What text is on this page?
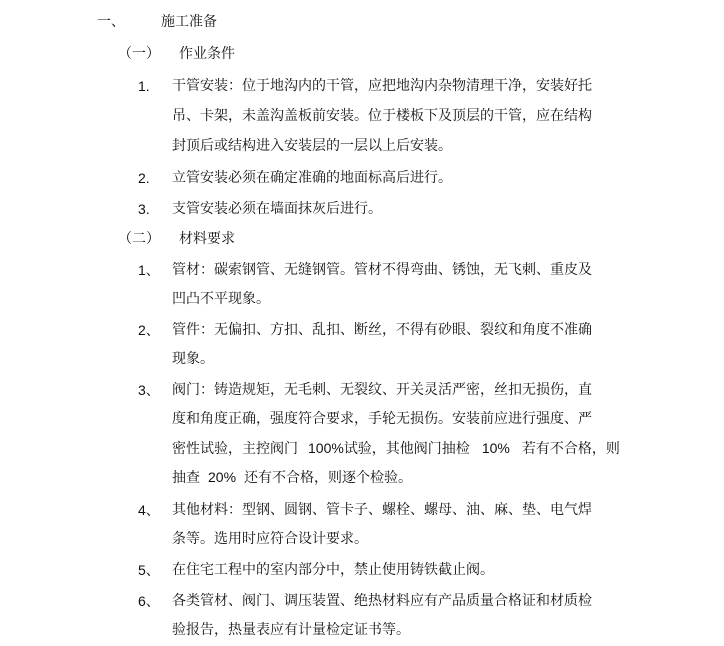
一、	施工准备
（一） 作业条件
1. 干管安装：位于地沟内的干管，应把地沟内杂物清理干净，安装好托
吊、卡架，未盖沟盖板前安装。位于楼板下及顶层的干管，应在结构
封顶后或结构进入安装层的一层以上后安装。
2. 立管安装必须在确定准确的地面标高后进行。
3. 支管安装必须在墙面抹灰后进行。
（二） 材料要求
1、 管材：碳索钢管、无缝钢管。管材不得弯曲、锈蚀，无飞刺、重皮及
凹凸不平现象。
2、 管件：无偏扣、方扣、乱扣、断丝，不得有砂眼、裂纹和角度不准确
现象。
3、 阀门：铸造规矩，无毛刺、无裂纹、开关灵活严密，丝扣无损伤，直
度和角度正确，强度符合要求，手轮无损伤。安装前应进行强度、严
密性试验，主控阀门 100%试验，其他阀门抽检 10% 若有不合格，则
抽查 20% 还有不合格，则逐个检验。
4、 其他材料：型钢、圆钢、管卡子、螺栓、螺母、油、麻、垫、电气焊
条等。选用时应符合设计要求。
5、 在住宅工程中的室内部分中，禁止使用铸铁截止阀。
6、 各类管材、阀门、调压装置、绝热材料应有产品质量合格证和材质检
验报告，热量表应有计量检定证书等。
